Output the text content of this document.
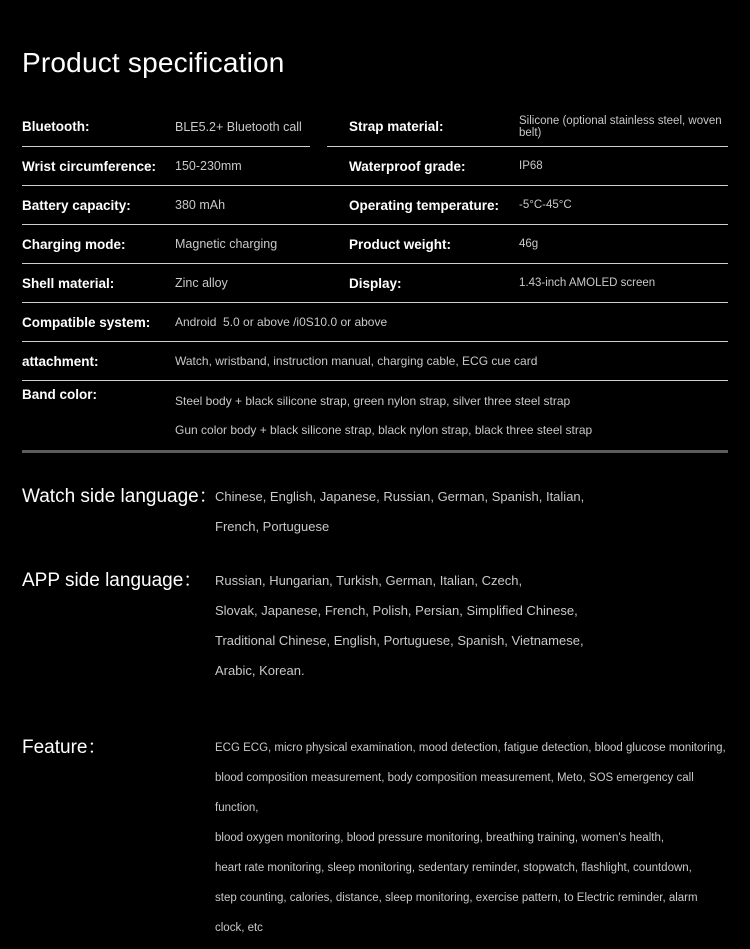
Product specification
Bluetooth:	BLE5.2+ Bluetooth call	Strap material:	Silicone (optional stainless steel, woven belt)
Wrist circumference:	150-230mm	Waterproof grade:	IP68
Battery capacity:	380 mAh	Operating temperature:	-5°C-45°C
Charging mode:	Magnetic charging	Product weight:	46g
Shell material:	Zinc alloy	Display:	1.43-inch AMOLED screen
Compatible system:	Android  5.0 or above /i0S10.0 or above
attachment:	Watch, wristband, instruction manual, charging cable, ECG cue card
Band color:	Steel body + black silicone strap, green nylon strap, silver three steel strap
Gun color body + black silicone strap, black nylon strap, black three steel strap
Watch side language：
Chinese, English, Japanese, Russian, German, Spanish, Italian,
French, Portuguese
APP side language： Russian, Hungarian, Turkish, German, Italian, Czech,
Slovak, Japanese, French, Polish, Persian, Simplified Chinese,
Traditional Chinese, English, Portuguese, Spanish, Vietnamese,
Arabic, Korean.
Feature：	ECG ECG, micro physical examination, mood detection, fatigue detection, blood glucose monitoring,
blood composition measurement, body composition measurement, Meto, SOS emergency call function,
blood oxygen monitoring, blood pressure monitoring, breathing training, women's health,
heart rate monitoring, sleep monitoring, sedentary reminder, stopwatch, flashlight, countdown,
step counting, calories, distance, sleep monitoring, exercise pattern, to Electric reminder, alarm clock, etc
